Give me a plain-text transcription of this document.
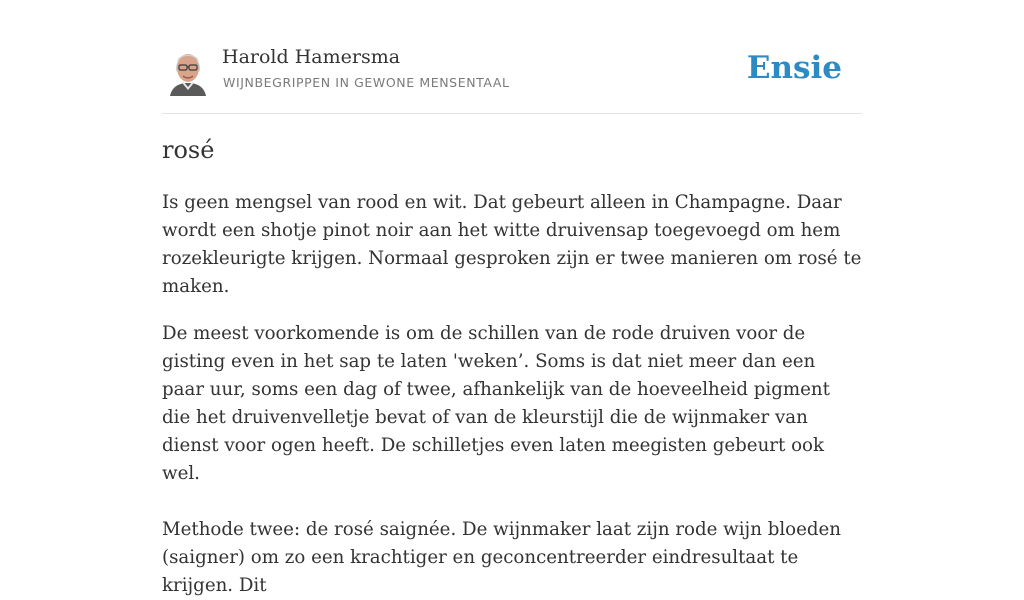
Harold Hamersma
WIJNBEGRIPPEN IN GEWONE MENSENTAAL	Ensie
rosé

Is geen mengsel van rood en wit. Dat gebeurt alleen in Champagne. Daar wordt een shotje pinot noir aan het witte druivensap toegevoegd om hem rozekleurigte krijgen. Normaal gesproken zijn er twee manieren om rosé te maken.

De meest voorkomende is om de schillen van de rode druiven voor de gisting even in het sap te laten 'weken’. Soms is dat niet meer dan een paar uur, soms een dag of twee, afhankelijk van de hoeveelheid pigment die het druivenvelletje bevat of van de kleurstijl die de wijnmaker van dienst voor ogen heeft. De schilletjes even laten meegisten gebeurt ook wel.

Methode twee: de rosé saignée. De wijnmaker laat zijn rode wijn bloeden (saigner) om zo een krachtiger en geconcentreerder eindresultaat te krijgen. Dit
